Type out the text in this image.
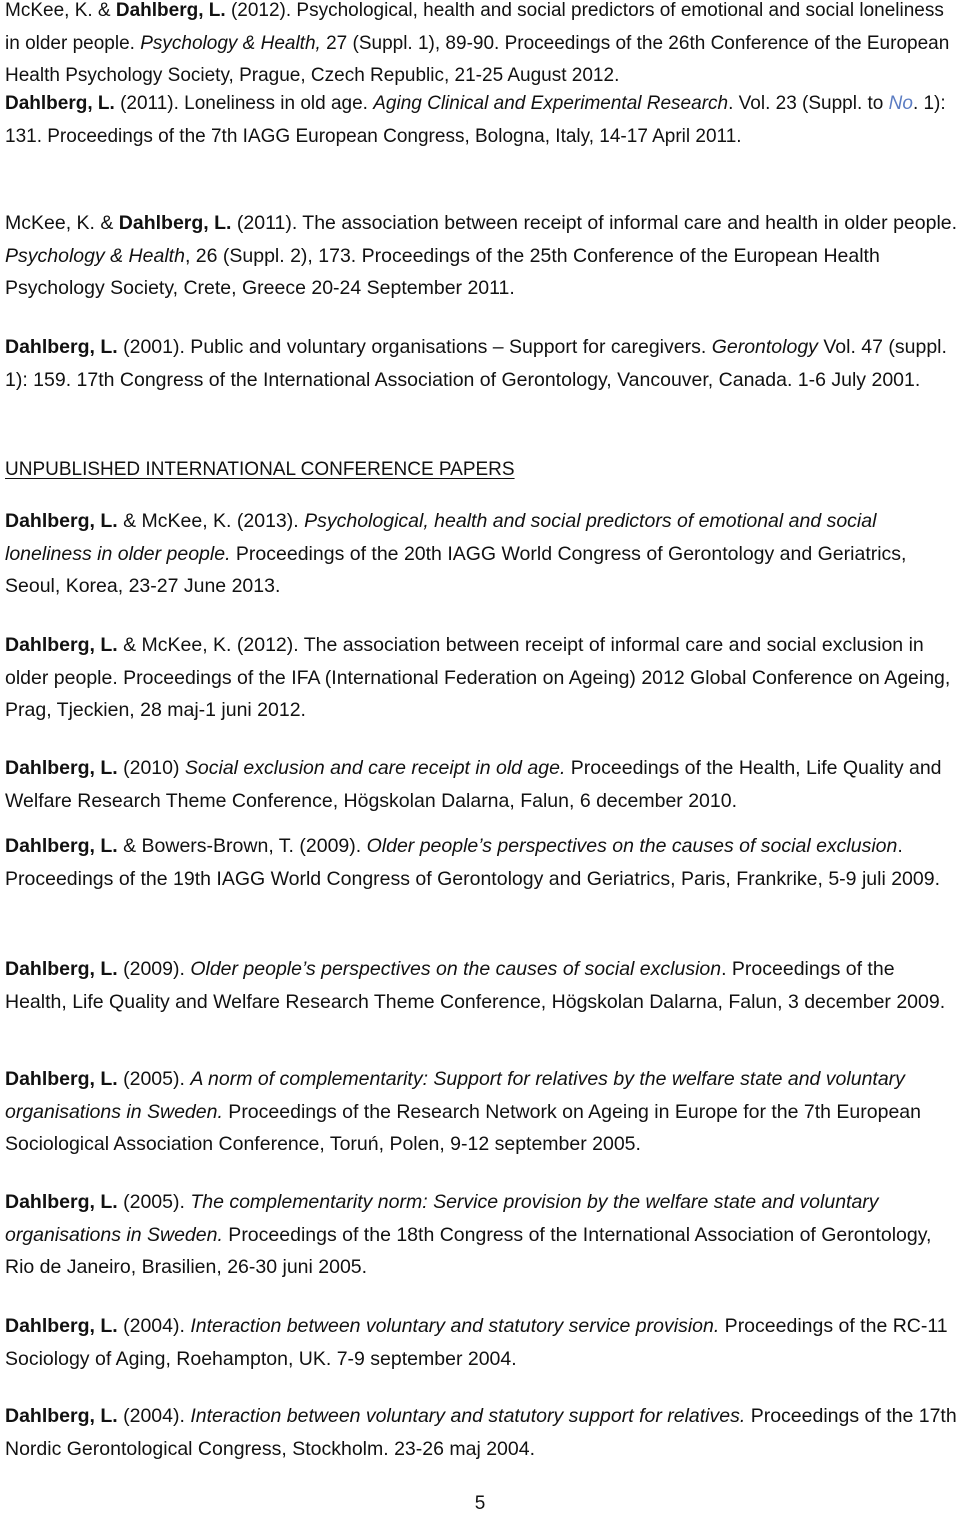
McKee, K. & Dahlberg, L. (2012). Psychological, health and social predictors of emotional and social loneliness in older people. Psychology & Health, 27 (Suppl. 1), 89-90. Proceedings of the 26th Conference of the European Health Psychology Society, Prague, Czech Republic, 21-25 August 2012.

Dahlberg, L. (2011). Loneliness in old age. Aging Clinical and Experimental Research. Vol. 23 (Suppl. to No. 1): 131. Proceedings of the 7th IAGG European Congress, Bologna, Italy, 14-17 April 2011.

McKee, K. & Dahlberg, L. (2011). The association between receipt of informal care and health in older people. Psychology & Health, 26 (Suppl. 2), 173. Proceedings of the 25th Conference of the European Health Psychology Society, Crete, Greece 20-24 September 2011.

Dahlberg, L. (2001). Public and voluntary organisations – Support for caregivers. Gerontology Vol. 47 (suppl. 1): 159. 17th Congress of the International Association of Gerontology, Vancouver, Canada. 1-6 July 2001.

UNPUBLISHED INTERNATIONAL CONFERENCE PAPERS

Dahlberg, L. & McKee, K. (2013). Psychological, health and social predictors of emotional and social loneliness in older people. Proceedings of the 20th IAGG World Congress of Gerontology and Geriatrics, Seoul, Korea, 23-27 June 2013.

Dahlberg, L. & McKee, K. (2012). The association between receipt of informal care and social exclusion in older people. Proceedings of the IFA (International Federation on Ageing) 2012 Global Conference on Ageing, Prag, Tjeckien, 28 maj-1 juni 2012.

Dahlberg, L. (2010) Social exclusion and care receipt in old age. Proceedings of the Health, Life Quality and Welfare Research Theme Conference, Högskolan Dalarna, Falun, 6 december 2010.

Dahlberg, L. & Bowers-Brown, T. (2009). Older people’s perspectives on the causes of social exclusion. Proceedings of the 19th IAGG World Congress of Gerontology and Geriatrics, Paris, Frankrike, 5-9 juli 2009.

Dahlberg, L. (2009). Older people’s perspectives on the causes of social exclusion. Proceedings of the Health, Life Quality and Welfare Research Theme Conference, Högskolan Dalarna, Falun, 3 december 2009.

Dahlberg, L. (2005). A norm of complementarity: Support for relatives by the welfare state and voluntary organisations in Sweden. Proceedings of the Research Network on Ageing in Europe for the 7th European Sociological Association Conference, Toruń, Polen, 9-12 september 2005.

Dahlberg, L. (2005). The complementarity norm: Service provision by the welfare state and voluntary organisations in Sweden. Proceedings of the 18th Congress of the International Association of Gerontology, Rio de Janeiro, Brasilien, 26-30 juni 2005.

Dahlberg, L. (2004). Interaction between voluntary and statutory service provision. Proceedings of the RC-11 Sociology of Aging, Roehampton, UK. 7-9 september 2004.

Dahlberg, L. (2004). Interaction between voluntary and statutory support for relatives. Proceedings of the 17th Nordic Gerontological Congress, Stockholm. 23-26 maj 2004.

5
